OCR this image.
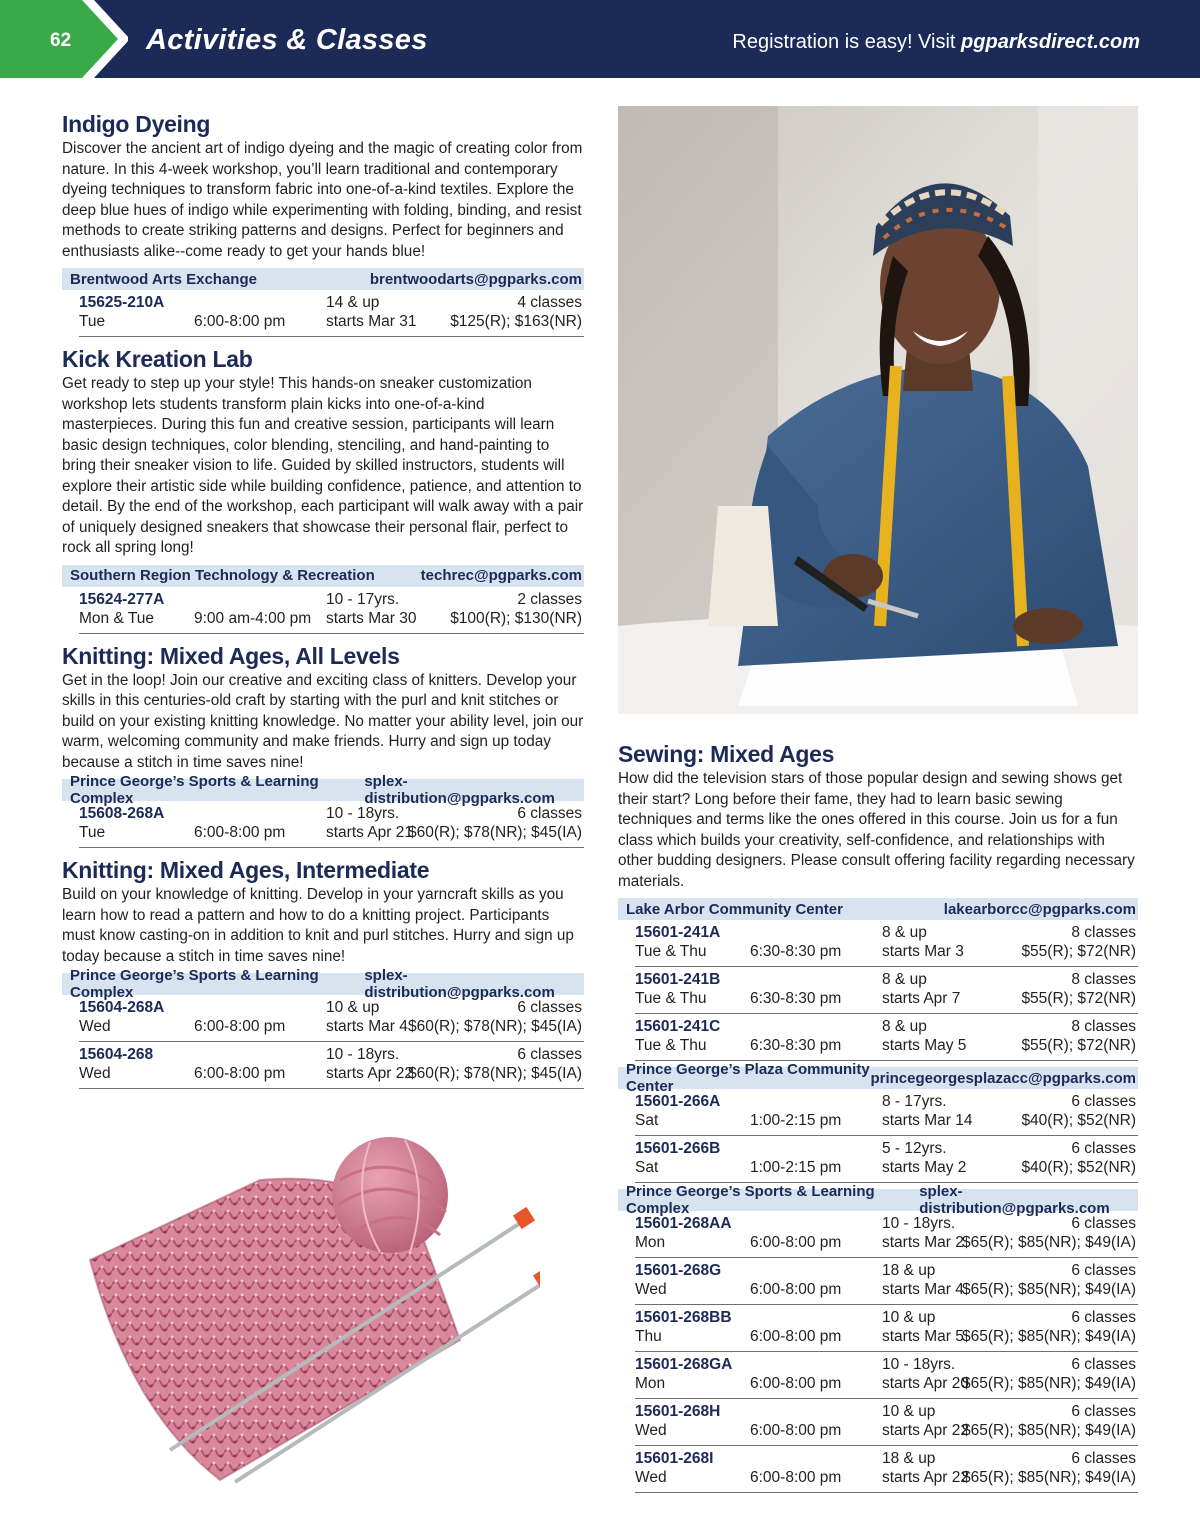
62	Activities & Classes	Registration is easy! Visit pgparksdirect.com
Indigo Dyeing
Discover the ancient art of indigo dyeing and the magic of creating color from nature. In this 4-week workshop, you’ll learn traditional and contemporary dyeing techniques to transform fabric into one-of-a-kind textiles. Explore the deep blue hues of indigo while experimenting with folding, binding, and resist methods to create striking patterns and designs. Perfect for beginners and enthusiasts alike--come ready to get your hands blue!
Brentwood Arts Exchange	brentwoodarts@pgparks.com
15625-210A	14 & up	4 classes
Tue	6:00-8:00 pm	starts Mar 31 $125(R); $163(NR)
Kick Kreation Lab
Get ready to step up your style! This hands-on sneaker customization workshop lets students transform plain kicks into one-of-a-kind masterpieces. During this fun and creative session, participants will learn basic design techniques, color blending, stenciling, and hand-painting to bring their sneaker vision to life. Guided by skilled instructors, students will explore their artistic side while building confidence, patience, and attention to detail. By the end of the workshop, each participant will walk away with a pair of uniquely designed sneakers that showcase their personal flair, perfect to rock all spring long!
Southern Region Technology & Recreation	techrec@pgparks.com
15624-277A	10 - 17yrs.	2 classes
Mon & Tue	9:00 am-4:00 pm starts Mar 30 $100(R); $130(NR)
Knitting: Mixed Ages, All Levels
Get in the loop! Join our creative and exciting class of knitters. Develop your skills in this centuries-old craft by starting with the purl and knit stitches or build on your existing knitting knowledge. No matter your ability level, join our warm, welcoming community and make friends. Hurry and sign up today because a stitch in time saves nine!
Prince George’s Sports & Learning Complex
splex-distribution@pgparks.com
15608-268A	10 - 18yrs.	6 classes
Tue	6:00-8:00 pm	starts Apr 21
$60(R); $78(NR); $45(IA)
Knitting: Mixed Ages, Intermediate
Build on your knowledge of knitting. Develop in your yarncraft skills as you learn how to read a pattern and how to do a knitting project. Participants must know casting-on in addition to knit and purl stitches. Hurry and sign up today because a stitch in time saves nine!
Prince George’s Sports & Learning Complex
splex-distribution@pgparks.com
15604-268A	10 & up	6 classes
Wed	6:00-8:00 pm	starts Mar 4 $60(R); $78(NR); $45(IA)
15604-268	10 - 18yrs.	6 classes
Wed	6:00-8:00 pm	starts Apr 22
$60(R); $78(NR); $45(IA)
Sewing: Mixed Ages
How did the television stars of those popular design and sewing shows get their start? Long before their fame, they had to learn basic sewing techniques and terms like the ones offered in this course. Join us for a fun class which builds your creativity, self-confidence, and relationships with other budding designers. Please consult offering facility regarding necessary materials.
Lake Arbor Community Center	lakearborcc@pgparks.com
15601-241A	8 & up	8 classes
Tue & Thu	6:30-8:30 pm	starts Mar 3	$55(R); $72(NR)
15601-241B	8 & up	8 classes
Tue & Thu	6:30-8:30 pm	starts Apr 7	$55(R); $72(NR)
15601-241C	8 & up	8 classes
Tue & Thu	6:30-8:30 pm	starts May 5	$55(R); $72(NR)
Prince George’s Plaza Community Center	princegeorgesplazacc@pgparks.com
15601-266A	8 - 17yrs.	6 classes
Sat	1:00-2:15 pm	starts Mar 14	$40(R); $52(NR)
15601-266B	5 - 12yrs.	6 classes
Sat	1:00-2:15 pm	starts May 2	$40(R); $52(NR)
Prince George’s Sports & Learning Complex
splex-distribution@pgparks.com
15601-268AA	10 - 18yrs.	6 classes
Mon	6:00-8:00 pm	starts Mar 2
$65(R); $85(NR); $49(IA)
15601-268G	18 & up	6 classes
Wed	6:00-8:00 pm	starts Mar 4
$65(R); $85(NR); $49(IA)
15601-268BB	10 & up	6 classes
Thu	6:00-8:00 pm	starts Mar 5
$65(R); $85(NR); $49(IA)
15601-268GA	10 - 18yrs.	6 classes
Mon	6:00-8:00 pm	starts Apr 20
$65(R); $85(NR); $49(IA)
15601-268H	10 & up	6 classes
Wed	6:00-8:00 pm	starts Apr 22
$65(R); $85(NR); $49(IA)
15601-268I	18 & up	6 classes
Wed	6:00-8:00 pm	starts Apr 22
$65(R); $85(NR); $49(IA)
